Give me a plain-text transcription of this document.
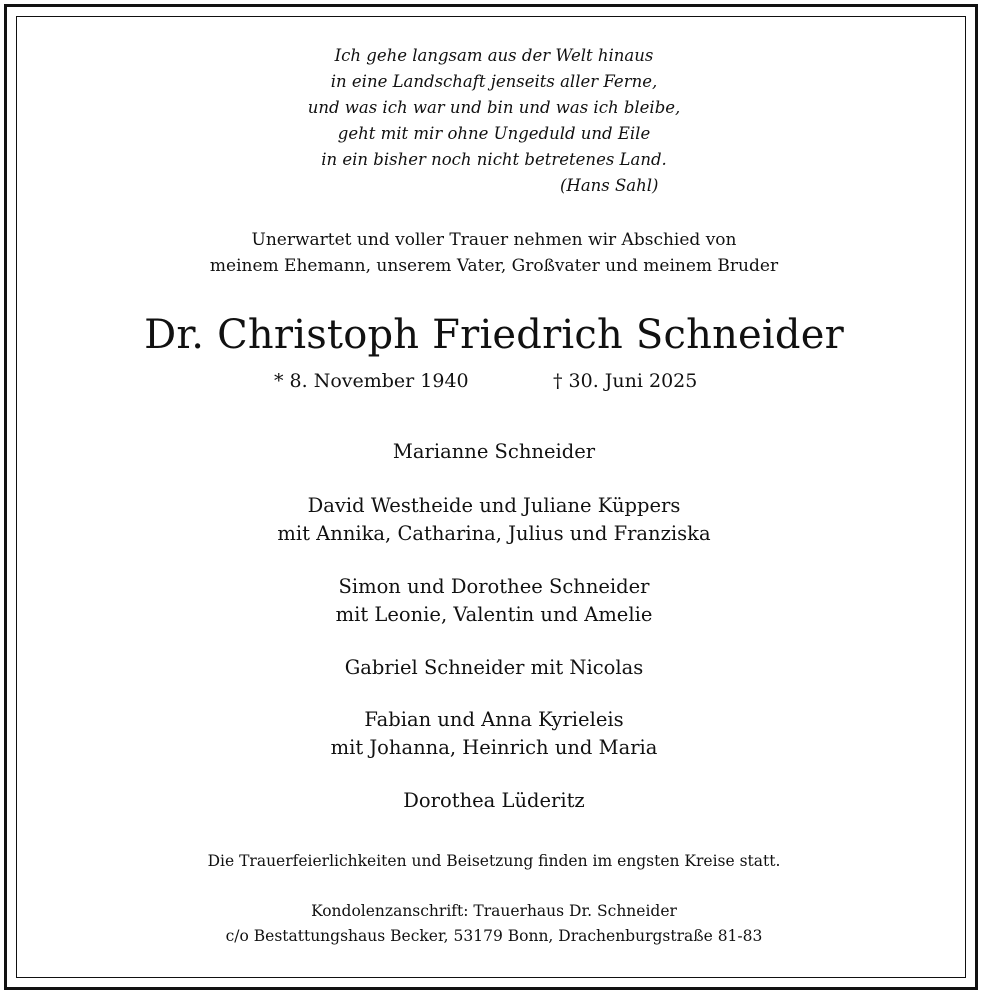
Ich gehe langsam aus der Welt hinaus
in eine Landschaft jenseits aller Ferne,
und was ich war und bin und was ich bleibe,
geht mit mir ohne Ungeduld und Eile
in ein bisher noch nicht betretenes Land.
(Hans Sahl)
Unerwartet und voller Trauer nehmen wir Abschied von
meinem Ehemann, unserem Vater, Großvater und meinem Bruder
Dr. Christoph Friedrich Schneider
* 8. November 1940	† 30. Juni 2025
Marianne Schneider
David Westheide und Juliane Küppers
mit Annika, Catharina, Julius und Franziska
Simon und Dorothee Schneider
mit Leonie, Valentin und Amelie
Gabriel Schneider mit Nicolas
Fabian und Anna Kyrieleis
mit Johanna, Heinrich und Maria
Dorothea Lüderitz
Die Trauerfeierlichkeiten und Beisetzung finden im engsten Kreise statt.
Kondolenzanschrift: Trauerhaus Dr. Schneider
c/o Bestattungshaus Becker, 53179 Bonn, Drachenburgstraße 81-83
